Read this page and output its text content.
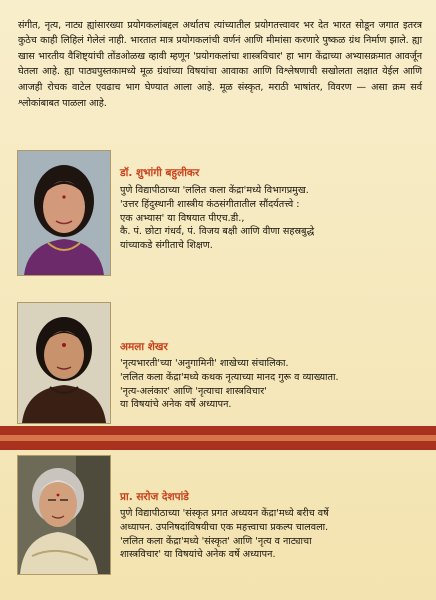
संगीत, नृत्य, नाट्य ह्यांसारख्या प्रयोगकलांबद्दल अर्थातच त्यांच्यातील प्रयोगतत्त्वावर भर देत भारत सोडून जगात इतरत्र कुठेच काही लिहिलं गेलेलं नाही. भारतात मात्र प्रयोगकलांची वर्णनं आणि मीमांसा करणारे पुष्कळ ग्रंथ निर्माण झाले. ह्या खास भारतीय वैशिष्ट्यांची तोंडओळख व्हावी म्हणून 'प्रयोगकलांचा शास्त्रविचार' हा भाग केंद्राच्या अभ्यासक्रमात आवर्जून घेतला आहे. ह्या पाठ्यपुस्तकामध्ये मूळ ग्रंथांच्या विषयांचा आवाका आणि विश्लेषणाची सखोलता लक्षात येईल आणि आजही रोचक वाटेल एवढाच भाग घेण्यात आला आहे. मूळ संस्कृत, मराठी भाषांतर, विवरण — असा क्रम सर्व श्लोकांबाबत पाळला आहे.

डॉ. शुभांगी बहुलीकर
पुणे विद्यापीठाच्या 'ललित कला केंद्रा'मध्ये विभागप्रमुख.
'उत्तर हिंदुस्थानी शास्त्रीय कंठसंगीतातील सौंदर्यतत्त्वे :
एक अभ्यास' या विषयात पीएच.डी.,
कै. पं. छोटा गंधर्व, पं. विजय बक्षी आणि वीणा सहस्रबुद्धे
यांच्याकडे संगीताचे शिक्षण.
अमला शेखर
'नृत्यभारती'च्या 'अनुगामिनी' शाखेच्या संचालिका.
'ललित कला केंद्रा'मध्ये कथक नृत्याच्या मानद गुरू व व्याख्याता.
'नृत्य-अलंकार' आणि 'नृत्याचा शास्त्रविचार'
या विषयांचे अनेक वर्षे अध्यापन.
प्रा. सरोज देशपांडे
पुणे विद्यापीठाच्या 'संस्कृत प्रगत अध्ययन केंद्रा'मध्ये बरीच वर्षे
अध्यापन. उपनिषदांविषयीचा एक महत्त्वाचा प्रकल्प चालवला.
'ललित कला केंद्रा'मध्ये 'संस्कृत' आणि 'नृत्य व नाट्याचा
शास्त्रविचार' या विषयांचे अनेक वर्षे अध्यापन.
